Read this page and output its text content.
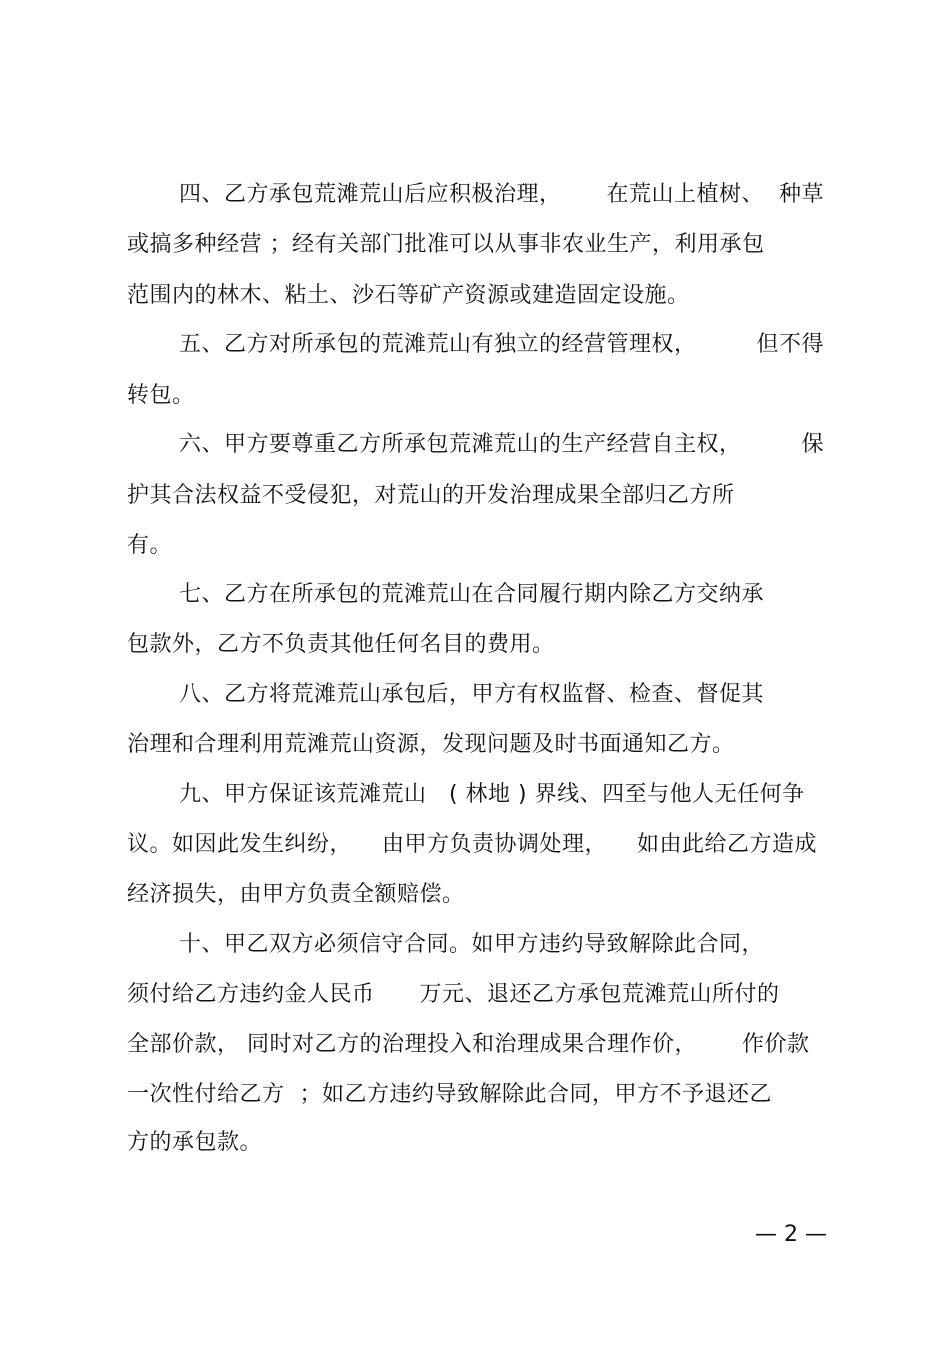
四、乙方承包荒滩荒山后应积极治理，      在荒山上植树、  种草
或搞多种经营 ；经有关部门批准可以从事非农业生产，利用承包
范围内的林木、粘土、沙石等矿产资源或建造固定设施。
五、乙方对所承包的荒滩荒山有独立的经营管理权，        但不得
转包。
六、甲方要尊重乙方所承包荒滩荒山的生产经营自主权，        保
护其合法权益不受侵犯，对荒山的开发治理成果全部归乙方所
有。
七、乙方在所承包的荒滩荒山在合同履行期内除乙方交纳承
包款外，乙方不负责其他任何名目的费用。
八、乙方将荒滩荒山承包后，甲方有权监督、检查、督促其
治理和合理利用荒滩荒山资源，发现问题及时书面通知乙方。
九、甲方保证该荒滩荒山   ( 林地 ) 界线、四至与他人无任何争
议。如因此发生纠纷，    由甲方负责协调处理，    如由此给乙方造成
经济损失，由甲方负责全额赔偿。
十、甲乙双方必须信守合同。如甲方违约导致解除此合同，
须付给乙方违约金人民币      万元、退还乙方承包荒滩荒山所付的
全部价款， 同时对乙方的治理投入和治理成果合理作价，      作价款
一次性付给乙方  ；如乙方违约导致解除此合同，甲方不予退还乙
方的承包款。
— 2 —
